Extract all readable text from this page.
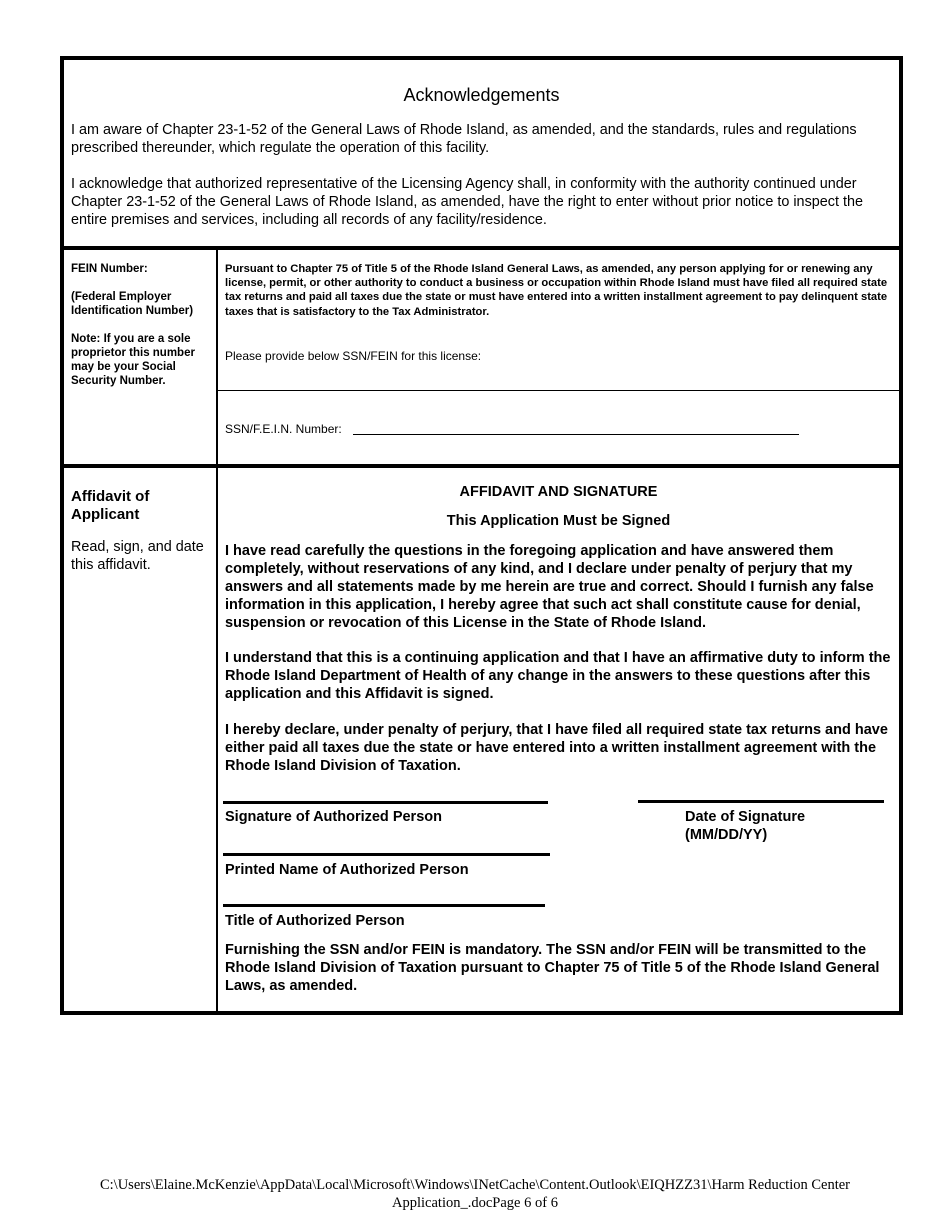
Acknowledgements
I am aware of Chapter 23-1-52 of the General Laws of Rhode Island, as amended, and the standards, rules and regulations prescribed thereunder, which regulate the operation of this facility.
I acknowledge that authorized representative of the Licensing Agency shall, in conformity with the authority continued under Chapter 23-1-52 of the General Laws of Rhode Island, as amended, have the right to enter without prior notice to inspect the entire premises and services, including all records of any facility/residence.
FEIN Number:
(Federal Employer Identification Number)
Note: If you are a sole proprietor this number may be your Social Security Number.
Pursuant to Chapter 75 of Title 5 of the Rhode Island General Laws, as amended, any person applying for or renewing any license, permit, or other authority to conduct a business or occupation within Rhode Island must have filed all required state tax returns and paid all taxes due the state or must have entered into a written installment agreement to pay delinquent state taxes that is satisfactory to the Tax Administrator.
Please provide below SSN/FEIN for this license:
SSN/F.E.I.N. Number:
Affidavit of Applicant
Read, sign, and date this affidavit.
AFFIDAVIT AND SIGNATURE
This Application Must be Signed
I have read carefully the questions in the foregoing application and have answered them completely, without reservations of any kind, and I declare under penalty of perjury that my answers and all statements made by me herein are true and correct. Should I furnish any false information in this application, I hereby agree that such act shall constitute cause for denial, suspension or revocation of this License in the State of Rhode Island.
I understand that this is a continuing application and that I have an affirmative duty to inform the Rhode Island Department of Health of any change in the answers to these questions after this application and this Affidavit is signed.
I hereby declare, under penalty of perjury, that I have filed all required state tax returns and have either paid all taxes due the state or have entered into a written installment agreement with the Rhode Island Division of Taxation.
Signature of Authorized Person	Date of Signature
(MM/DD/YY)
Printed Name of Authorized Person
Title of Authorized Person
Furnishing the SSN and/or FEIN is mandatory. The SSN and/or FEIN will be transmitted to the Rhode Island Division of Taxation pursuant to Chapter 75 of Title 5 of the Rhode Island General Laws, as amended.
C:\Users\Elaine.McKenzie\AppData\Local\Microsoft\Windows\INetCache\Content.Outlook\EIQHZZ31\Harm Reduction Center
Application_.docPage 6 of 6
